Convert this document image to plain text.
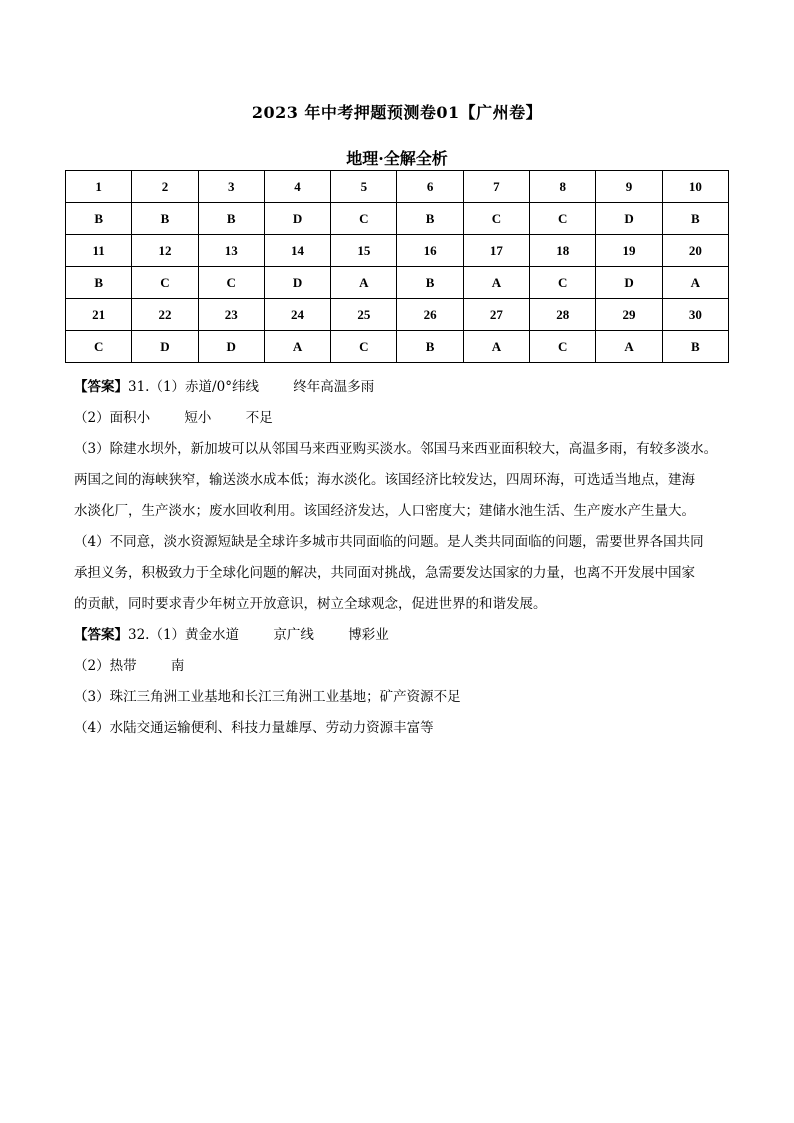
2023 年中考押题预测卷01【广州卷】
地理·全解全析
1	2	3	4	5	6	7	8	9	10
B	B	B	D	C	B	C	C	D	B
11	12	13	14	15	16	17	18	19	20
B	C	C	D	A	B	A	C	D	A
21	22	23	24	25	26	27	28	29	30
C	D	D	A	C	B	A	C	A	B

【答案】31.（1）赤道/0°纬线        终年高温多雨

（2）面积小        短小        不足

（3）除建水坝外，新加坡可以从邻国马来西亚购买淡水。邻国马来西亚面积较大，高温多雨，有较多淡水。

两国之间的海峡狭窄，输送淡水成本低；海水淡化。该国经济比较发达，四周环海，可选适当地点，建海

水淡化厂，生产淡水；废水回收利用。该国经济发达，人口密度大；建储水池生活、生产废水产生量大。

（4）不同意，淡水资源短缺是全球许多城市共同面临的问题。是人类共同面临的问题，需要世界各国共同

承担义务，积极致力于全球化问题的解决，共同面对挑战，急需要发达国家的力量，也离不开发展中国家

的贡献，同时要求青少年树立开放意识，树立全球观念，促进世界的和谐发展。

【答案】32.（1）黄金水道        京广线        博彩业

（2）热带        南

（3）珠江三角洲工业基地和长江三角洲工业基地；矿产资源不足

（4）水陆交通运输便利、科技力量雄厚、劳动力资源丰富等
